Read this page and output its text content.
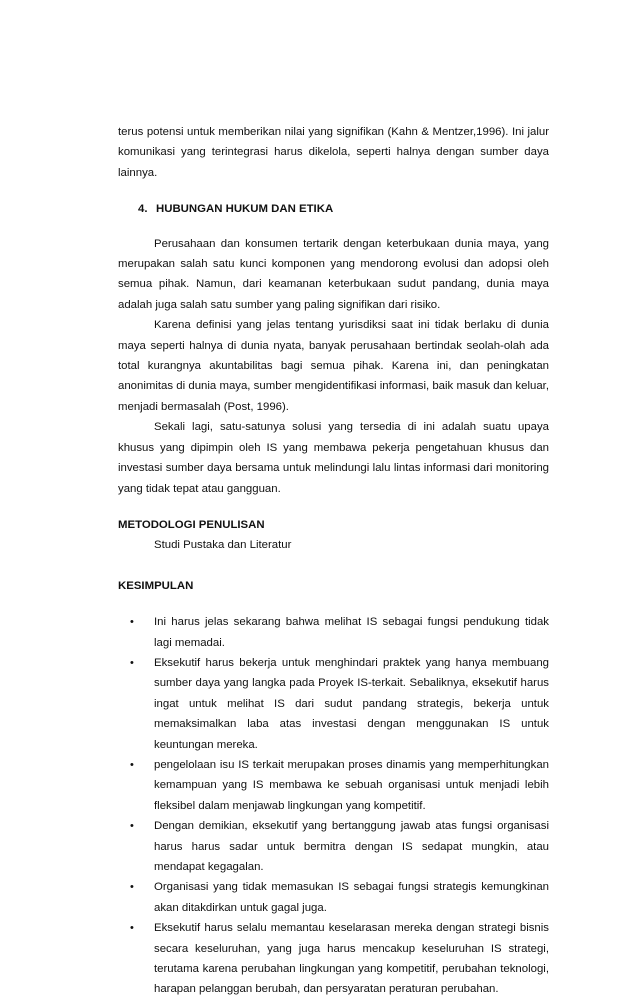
terus potensi untuk memberikan nilai yang signifikan (Kahn & Mentzer,1996). Ini jalur komunikasi yang terintegrasi harus dikelola, seperti halnya dengan sumber daya lainnya.

4. HUBUNGAN HUKUM DAN ETIKA

Perusahaan dan konsumen tertarik dengan keterbukaan dunia maya, yang merupakan salah satu kunci komponen yang mendorong evolusi dan adopsi oleh semua pihak. Namun, dari keamanan keterbukaan sudut pandang, dunia maya adalah juga salah satu sumber yang paling signifikan dari risiko.

Karena definisi yang jelas tentang yurisdiksi saat ini tidak berlaku di dunia maya seperti halnya di dunia nyata, banyak perusahaan bertindak seolah-olah ada total kurangnya akuntabilitas bagi semua pihak. Karena ini, dan peningkatan anonimitas di dunia maya, sumber mengidentifikasi informasi, baik masuk dan keluar, menjadi bermasalah (Post, 1996).

Sekali lagi, satu-satunya solusi yang tersedia di ini adalah suatu upaya khusus yang dipimpin oleh IS yang membawa pekerja pengetahuan khusus dan investasi sumber daya bersama untuk melindungi lalu lintas informasi dari monitoring yang tidak tepat atau gangguan.

METODOLOGI PENULISAN
Studi Pustaka dan Literatur
KESIMPULAN
• Ini harus jelas sekarang bahwa melihat IS sebagai fungsi pendukung tidak lagi memadai.
• Eksekutif harus bekerja untuk menghindari praktek yang hanya membuang sumber daya yang langka pada Proyek IS-terkait. Sebaliknya, eksekutif harus ingat untuk melihat IS dari sudut pandang strategis, bekerja untuk memaksimalkan laba atas investasi dengan menggunakan IS untuk keuntungan mereka.
• pengelolaan isu IS terkait merupakan proses dinamis yang memperhitungkan kemampuan yang IS membawa ke sebuah organisasi untuk menjadi lebih fleksibel dalam menjawab lingkungan yang kompetitif.
• Dengan demikian, eksekutif yang bertanggung jawab atas fungsi organisasi harus harus sadar untuk bermitra dengan IS sedapat mungkin, atau mendapat kegagalan.
• Organisasi yang tidak memasukan IS sebagai fungsi strategis kemungkinan akan ditakdirkan untuk gagal juga.
• Eksekutif harus selalu memantau keselarasan mereka dengan strategi bisnis secara keseluruhan, yang juga harus mencakup keseluruhan IS strategi, terutama karena perubahan lingkungan yang kompetitif, perubahan teknologi, harapan pelanggan berubah, dan persyaratan peraturan perubahan.
